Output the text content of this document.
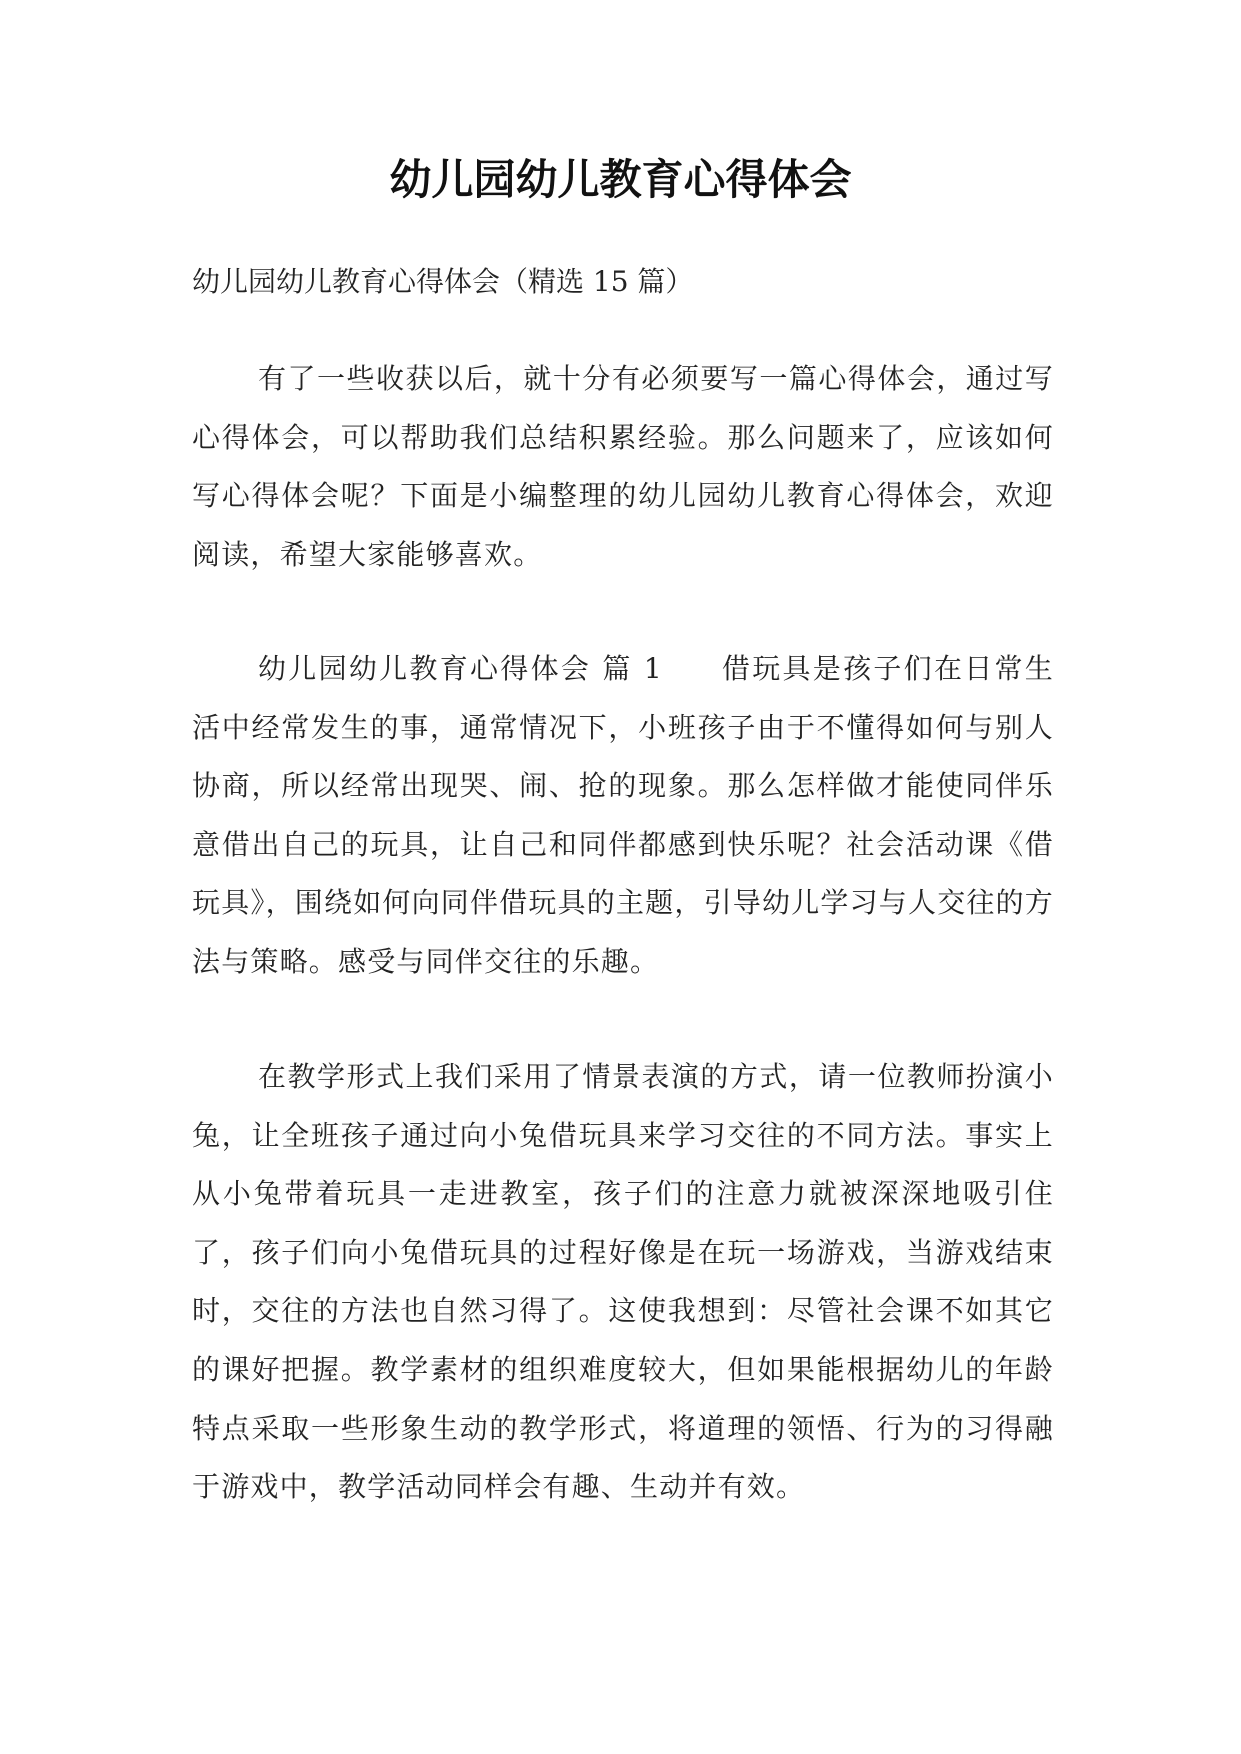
幼儿园幼儿教育心得体会

幼儿园幼儿教育心得体会（精选 15 篇）

有了一些收获以后，就十分有必须要写一篇心得体会，通过写心得体会，可以帮助我们总结积累经验。那么问题来了，应该如何写心得体会呢？下面是小编整理的幼儿园幼儿教育心得体会，欢迎阅读，希望大家能够喜欢。

幼儿园幼儿教育心得体会 篇 1 借玩具是孩子们在日常生活中经常发生的事，通常情况下，小班孩子由于不懂得如何与别人协商，所以经常出现哭、闹、抢的现象。那么怎样做才能使同伴乐意借出自己的玩具，让自己和同伴都感到快乐呢？社会活动课《借玩具》，围绕如何向同伴借玩具的主题，引导幼儿学习与人交往的方法与策略。感受与同伴交往的乐趣。

在教学形式上我们采用了情景表演的方式，请一位教师扮演小兔，让全班孩子通过向小兔借玩具来学习交往的不同方法。事实上从小兔带着玩具一走进教室，孩子们的注意力就被深深地吸引住了，孩子们向小兔借玩具的过程好像是在玩一场游戏，当游戏结束时，交往的方法也自然习得了。这使我想到：尽管社会课不如其它的课好把握。教学素材的组织难度较大，但如果能根据幼儿的年龄特点采取一些形象生动的教学形式，将道理的领悟、行为的习得融于游戏中，教学活动同样会有趣、生动并有效。
